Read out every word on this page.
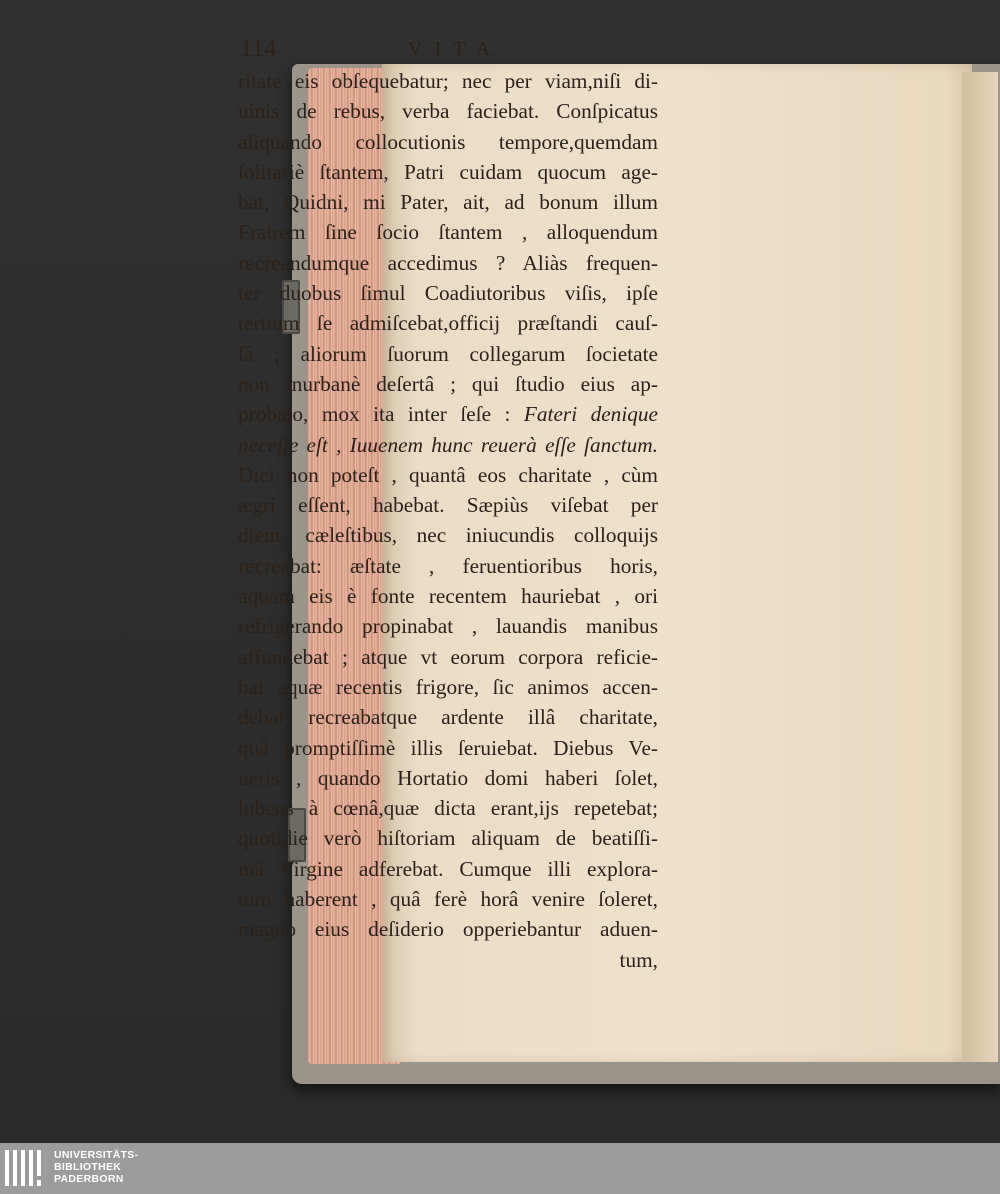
114	VITA
ritate eis obſequebatur; nec per viam,niſi di-
uinis de rebus, verba faciebat. Conſpicatus
aliquando collocutionis tempore,quemdam
ſolitariè ſtantem, Patri cuidam quocum age-
bat, Quidni, mi Pater, ait, ad bonum illum
Fratrem ſine ſocio ſtantem , alloquendum
recreandumque accedimus ? Aliàs frequen-
ter duobus ſimul Coadiutoribus viſis, ipſe
tertium ſe admiſcebat,officij præſtandi cauſ-
ſâ ; aliorum ſuorum collegarum ſocietate
non inurbanè deſertâ ; qui ſtudio eius ap-
probato, mox ita inter ſeſe : Fateri denique
neceſſe eſt , Iuuenem hunc reuerà eſſe ſanctum.
Dici non poteſt , quantâ eos charitate , cùm
ægri eſſent, habebat. Sæpiùs viſebat per
diem, cæleſtibus, nec iniucundis colloquijs
recreabat: æſtate , feruentioribus horis,
aquam eis è fonte recentem hauriebat , ori
refrigerando propinabat , lauandis manibus
affundebat ; atque vt eorum corpora reficie-
bat aquæ recentis frigore, ſic animos accen-
debat recreabatque ardente illâ charitate,
quâ promptiſſimè illis ſeruiebat. Diebus Ve-
neris , quando Hortatio domi haberi ſolet,
lubens à cœnâ,quæ dicta erant,ijs repetebat;
quotidie verò hiſtoriam aliquam de beatiſſi-
mâ Virgine adferebat. Cumque illi explora-
tum haberent , quâ ferè horâ venire ſoleret,
magno eius deſiderio opperiebantur aduen-
tum,
UNIVERSITÄTS-
BIBLIOTHEK
PADERBORN
